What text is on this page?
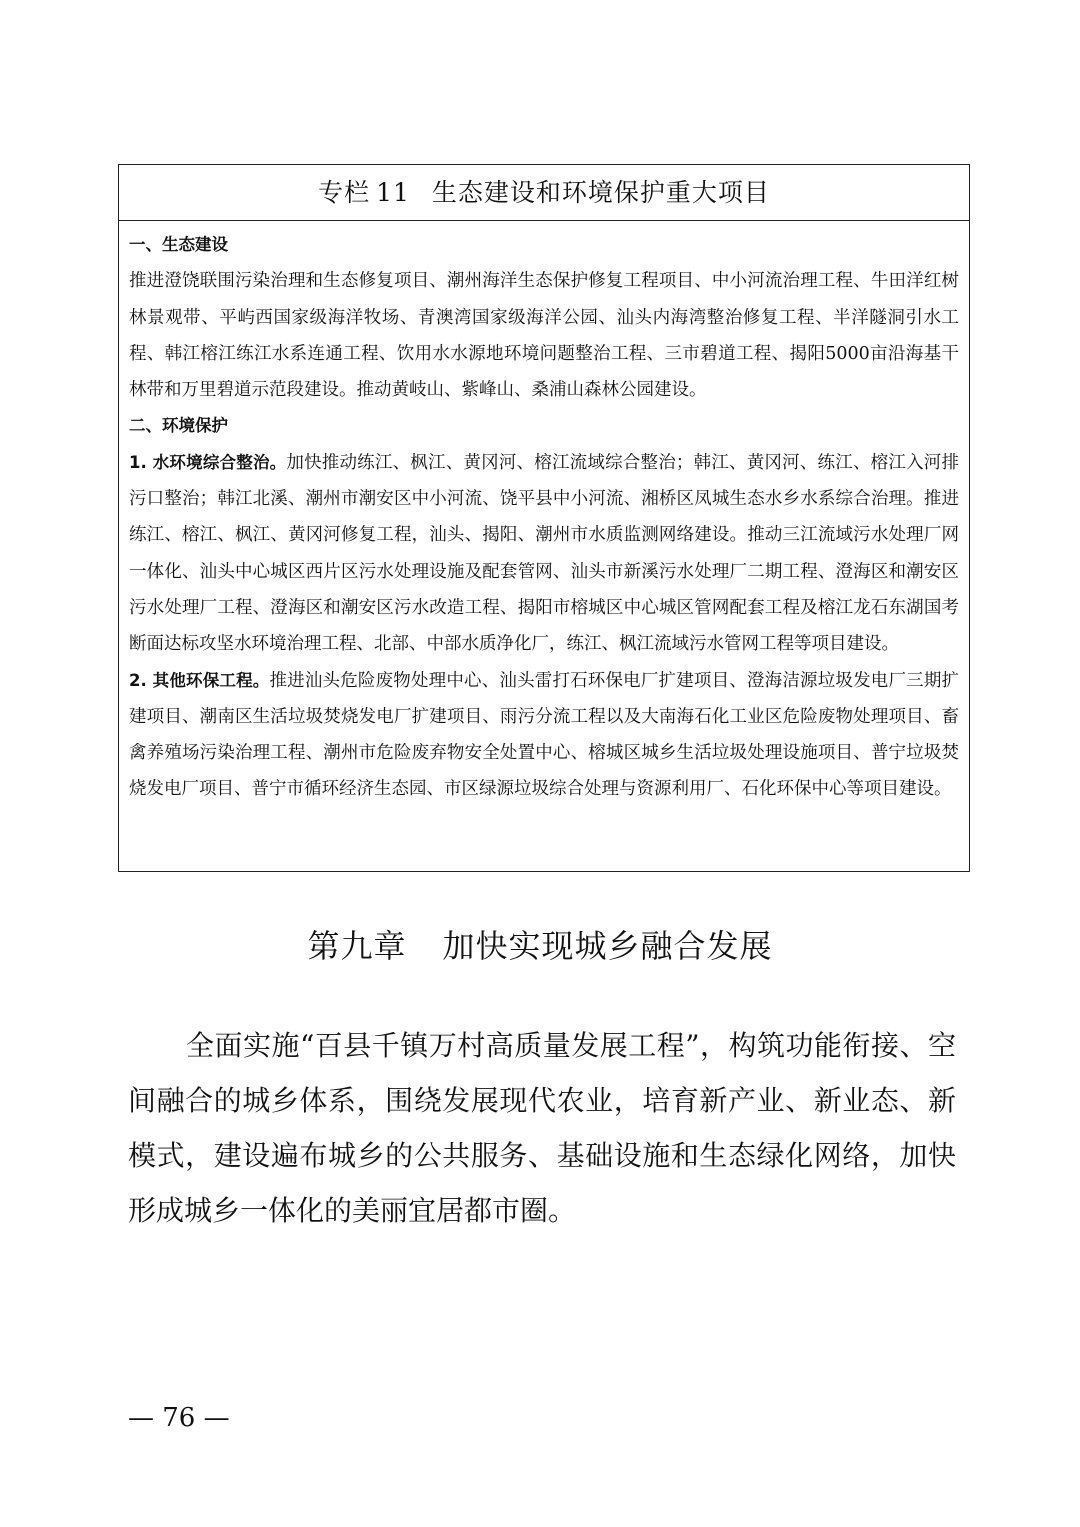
专栏 11 生态建设和环境保护重大项目

一、生态建设

推进澄饶联围污染治理和生态修复项目、潮州海洋生态保护修复工程项目、中小河流治理工程、牛田洋红树林景观带、平屿西国家级海洋牧场、青澳湾国家级海洋公园、汕头内海湾整治修复工程、半洋隧洞引水工程、韩江榕江练江水系连通工程、饮用水水源地环境问题整治工程、三市碧道工程、揭阳5000亩沿海基干林带和万里碧道示范段建设。推动黄岐山、紫峰山、桑浦山森林公园建设。

二、环境保护

1. 水环境综合整治。加快推动练江、枫江、黄冈河、榕江流域综合整治；韩江、黄冈河、练江、榕江入河排污口整治；韩江北溪、潮州市潮安区中小河流、饶平县中小河流、湘桥区凤城生态水乡水系综合治理。推进练江、榕江、枫江、黄冈河修复工程，汕头、揭阳、潮州市水质监测网络建设。推动三江流域污水处理厂网一体化、汕头中心城区西片区污水处理设施及配套管网、汕头市新溪污水处理厂二期工程、澄海区和潮安区污水处理厂工程、澄海区和潮安区污水改造工程、揭阳市榕城区中心城区管网配套工程及榕江龙石东湖国考断面达标攻坚水环境治理工程、北部、中部水质净化厂，练江、枫江流域污水管网工程等项目建设。

2. 其他环保工程。推进汕头危险废物处理中心、汕头雷打石环保电厂扩建项目、澄海洁源垃圾发电厂三期扩建项目、潮南区生活垃圾焚烧发电厂扩建项目、雨污分流工程以及大南海石化工业区危险废物处理项目、畜禽养殖场污染治理工程、潮州市危险废弃物安全处置中心、榕城区城乡生活垃圾处理设施项目、普宁垃圾焚烧发电厂项目、普宁市循环经济生态园、市区绿源垃圾综合处理与资源利用厂、石化环保中心等项目建设。

第九章 加快实现城乡融合发展

全面实施“百县千镇万村高质量发展工程”，构筑功能衔接、空间融合的城乡体系，围绕发展现代农业，培育新产业、新业态、新模式，建设遍布城乡的公共服务、基础设施和生态绿化网络，加快形成城乡一体化的美丽宜居都市圈。

— 76 —
